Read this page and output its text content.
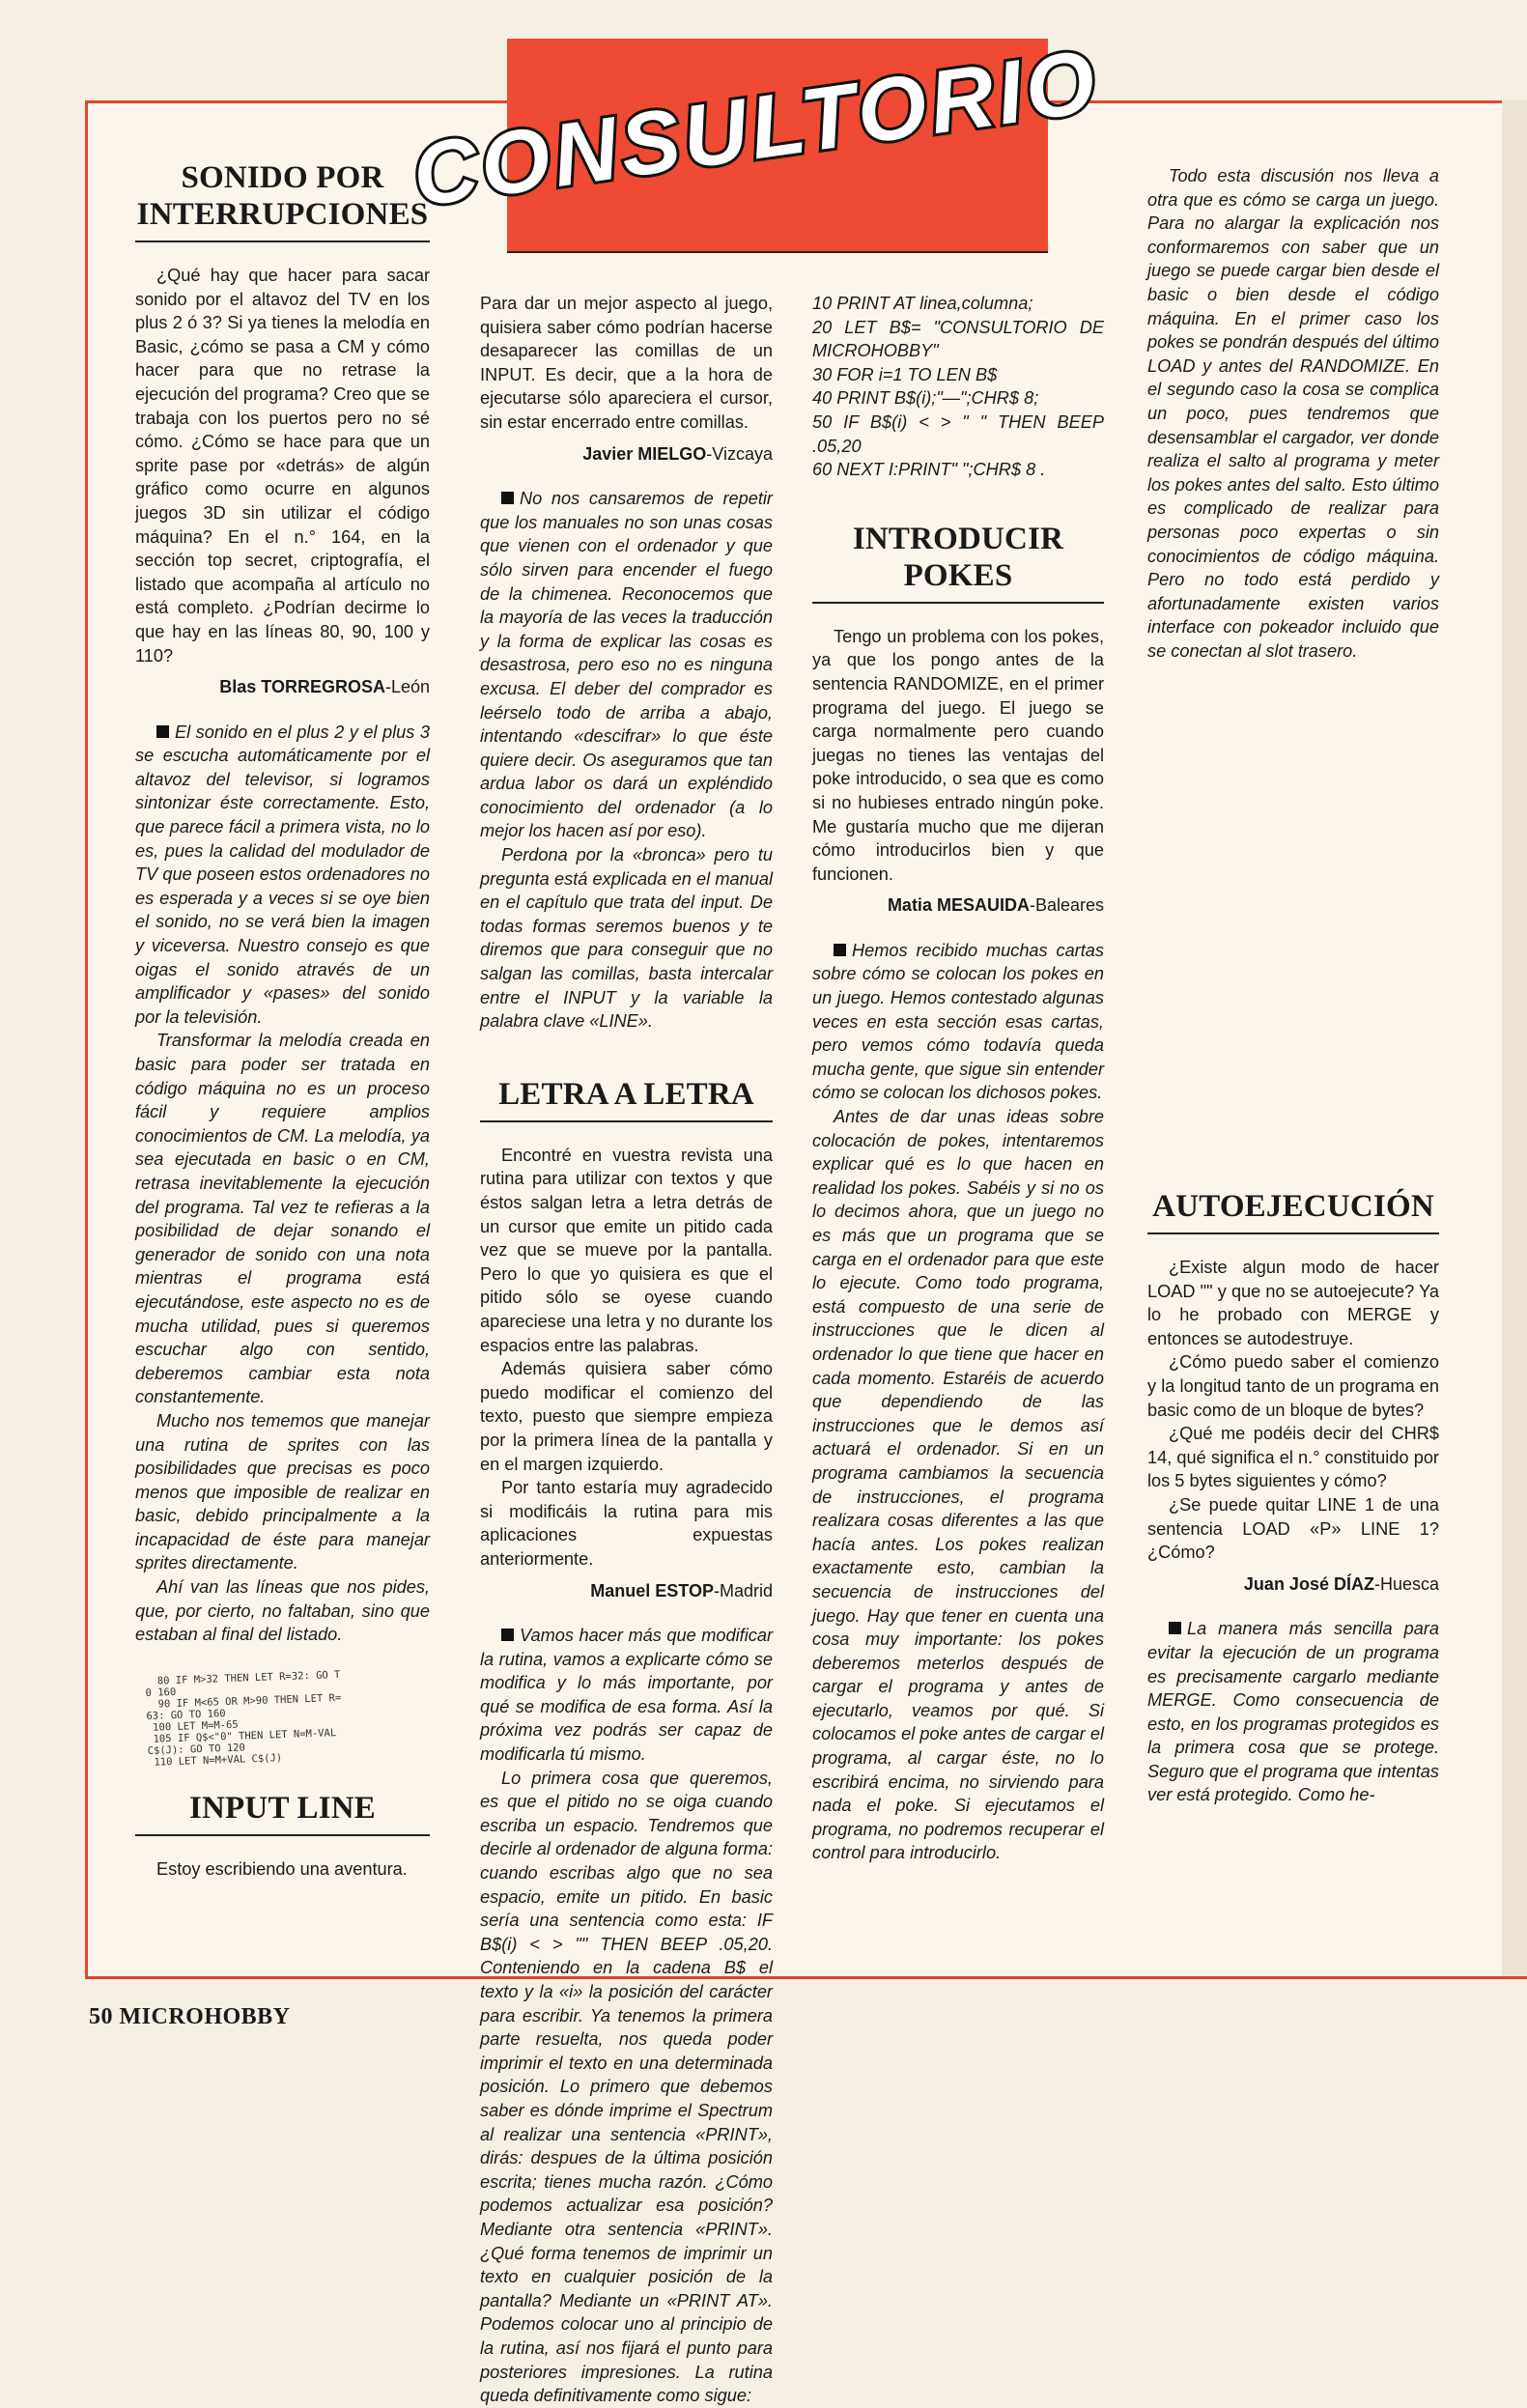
CONSULTORIO
SONIDO POR
INTERRUPCIONES

¿Qué hay que hacer para sacar sonido por el altavoz del TV en los plus 2 ó 3? Si ya tienes la melodía en Basic, ¿cómo se pasa a CM y cómo hacer para que no retrase la ejecución del programa? Creo que se trabaja con los puertos pero no sé cómo. ¿Cómo se hace para que un sprite pase por «detrás» de algún gráfico como ocurre en algunos juegos 3D sin utilizar el código máquina? En el n.° 164, en la sección top secret, criptografía, el listado que acompaña al artículo no está completo. ¿Podrían decirme lo que hay en las líneas 80, 90, 100 y 110?

Blas TORREGROSA-León

El sonido en el plus 2 y el plus 3 se escucha automáticamente por el altavoz del televisor, si logramos sintonizar éste correctamente. Esto, que parece fácil a primera vista, no lo es, pues la calidad del modulador de TV que poseen estos ordenadores no es esperada y a veces si se oye bien el sonido, no se verá bien la imagen y viceversa. Nuestro consejo es que oigas el sonido através de un amplificador y «pases» del sonido por la televisión.

Transformar la melodía creada en basic para poder ser tratada en código máquina no es un proceso fácil y requiere amplios conocimientos de CM. La melodía, ya sea ejecutada en basic o en CM, retrasa inevitablemente la ejecución del programa. Tal vez te refieras a la posibilidad de dejar sonando el generador de sonido con una nota mientras el programa está ejecutándose, este aspecto no es de mucha utilidad, pues si queremos escuchar algo con sentido, deberemos cambiar esta nota constantemente.

Mucho nos tememos que manejar una rutina de sprites con las posibilidades que precisas es poco menos que imposible de realizar en basic, debido principalmente a la incapacidad de éste para manejar sprites directamente.

Ahí van las líneas que nos pides, que, por cierto, no faltaban, sino que estaban al final del listado.

80 IF M>32 THEN LET R=32: GO T
0 160
90 IF M<65 OR M>90 THEN LET R=
63: GO TO 160
100 LET M=M-65
105 IF Q$<"0" THEN LET N=M-VAL
C$(J): GO TO 120
110 LET N=M+VAL C$(J)
INPUT LINE

Estoy escribiendo una aventura.

Para dar un mejor aspecto al juego, quisiera saber cómo podrían hacerse desaparecer las comillas de un INPUT. Es decir, que a la hora de ejecutarse sólo apareciera el cursor, sin estar encerrado entre comillas.

Javier MIELGO-Vizcaya

No nos cansaremos de repetir que los manuales no son unas cosas que vienen con el ordenador y que sólo sirven para encender el fuego de la chimenea. Reconocemos que la mayoría de las veces la traducción y la forma de explicar las cosas es desastrosa, pero eso no es ninguna excusa. El deber del comprador es leérselo todo de arriba a abajo, intentando «descifrar» lo que éste quiere decir. Os aseguramos que tan ardua labor os dará un expléndido conocimiento del ordenador (a lo mejor los hacen así por eso).

Perdona por la «bronca» pero tu pregunta está explicada en el manual en el capítulo que trata del input. De todas formas seremos buenos y te diremos que para conseguir que no salgan las comillas, basta intercalar entre el INPUT y la variable la palabra clave «LINE».

LETRA A LETRA

Encontré en vuestra revista una rutina para utilizar con textos y que éstos salgan letra a letra detrás de un cursor que emite un pitido cada vez que se mueve por la pantalla. Pero lo que yo quisiera es que el pitido sólo se oyese cuando apareciese una letra y no durante los espacios entre las palabras.

Además quisiera saber cómo puedo modificar el comienzo del texto, puesto que siempre empieza por la primera línea de la pantalla y en el margen izquierdo.

Por tanto estaría muy agradecido si modificáis la rutina para mis aplicaciones expuestas anteriormente.

Manuel ESTOP-Madrid

Vamos hacer más que modificar la rutina, vamos a explicarte cómo se modifica y lo más importante, por qué se modifica de esa forma. Así la próxima vez podrás ser capaz de modificarla tú mismo.

Lo primera cosa que queremos, es que el pitido no se oiga cuando escriba un espacio. Tendremos que decirle al ordenador de alguna forma: cuando escribas algo que no sea espacio, emite un pitido. En basic sería una sentencia como esta: IF B$(i) < > "" THEN BEEP .05,20. Conteniendo en la cadena B$ el texto y la «i» la posición del carácter para escribir. Ya tenemos la primera parte resuelta, nos queda poder imprimir el texto en una determinada posición. Lo primero que debemos saber es dónde imprime el Spectrum al realizar una sentencia «PRINT», dirás: despues de la última posición escrita; tienes mucha razón. ¿Cómo podemos actualizar esa posición? Mediante otra sentencia «PRINT». ¿Qué forma tenemos de imprimir un texto en cualquier posición de la pantalla? Mediante un «PRINT AT». Podemos colocar uno al principio de la rutina, así nos fijará el punto para posteriores impresiones. La rutina queda definitivamente como sigue:

10 PRINT AT linea,columna;
20 LET B$= "CONSULTORIO DE MICROHOBBY"
30 FOR i=1 TO LEN B$
40 PRINT B$(i);"—";CHR$ 8;
50 IF B$(i) < > " " THEN BEEP .05,20
60 NEXT I:PRINT" ";CHR$ 8 .
INTRODUCIR POKES

Tengo un problema con los pokes, ya que los pongo antes de la sentencia RANDOMIZE, en el primer programa del juego. El juego se carga normalmente pero cuando juegas no tienes las ventajas del poke introducido, o sea que es como si no hubieses entrado ningún poke. Me gustaría mucho que me dijeran cómo introducirlos bien y que funcionen.

Matia MESAUIDA-Baleares

Hemos recibido muchas cartas sobre cómo se colocan los pokes en un juego. Hemos contestado algunas veces en esta sección esas cartas, pero vemos cómo todavía queda mucha gente, que sigue sin entender cómo se colocan los dichosos pokes.

Antes de dar unas ideas sobre colocación de pokes, intentaremos explicar qué es lo que hacen en realidad los pokes. Sabéis y si no os lo decimos ahora, que un juego no es más que un programa que se carga en el ordenador para que este lo ejecute. Como todo programa, está compuesto de una serie de instrucciones que le dicen al ordenador lo que tiene que hacer en cada momento. Estaréis de acuerdo que dependiendo de las instrucciones que le demos así actuará el ordenador. Si en un programa cambiamos la secuencia de instrucciones, el programa realizara cosas diferentes a las que hacía antes. Los pokes realizan exactamente esto, cambian la secuencia de instrucciones del juego. Hay que tener en cuenta una cosa muy importante: los pokes deberemos meterlos después de cargar el programa y antes de ejecutarlo, veamos por qué. Si colocamos el poke antes de cargar el programa, al cargar éste, no lo escribirá encima, no sirviendo para nada el poke. Si ejecutamos el programa, no podremos recuperar el control para introducirlo.

AUTOEJECUCIÓN

¿Existe algun modo de hacer LOAD "" y que no se autoejecute? Ya lo he probado con MERGE y entonces se autodestruye.

¿Cómo puedo saber el comienzo y la longitud tanto de un programa en basic como de un bloque de bytes?

¿Qué me podéis decir del CHR$ 14, qué significa el n.° constituido por los 5 bytes siguientes y cómo?

¿Se puede quitar LINE 1 de una sentencia LOAD «P» LINE 1? ¿Cómo?

Juan José DÍAZ-Huesca

La manera más sencilla para evitar la ejecución de un programa es precisamente cargarlo mediante MERGE. Como consecuencia de esto, en los programas protegidos es la primera cosa que se protege. Seguro que el programa que intentas ver está protegido. Como he-

Todo esta discusión nos lleva a otra que es cómo se carga un juego. Para no alargar la explicación nos conformaremos con saber que un juego se puede cargar bien desde el basic o bien desde el código máquina. En el primer caso los pokes se pondrán después del último LOAD y antes del RANDOMIZE. En el segundo caso la cosa se complica un poco, pues tendremos que desensamblar el cargador, ver donde realiza el salto al programa y meter los pokes antes del salto. Esto último es complicado de realizar para personas poco expertas o sin conocimientos de código máquina. Pero no todo está perdido y afortunadamente existen varios interface con pokeador incluido que se conectan al slot trasero.

50 MICROHOBBY
